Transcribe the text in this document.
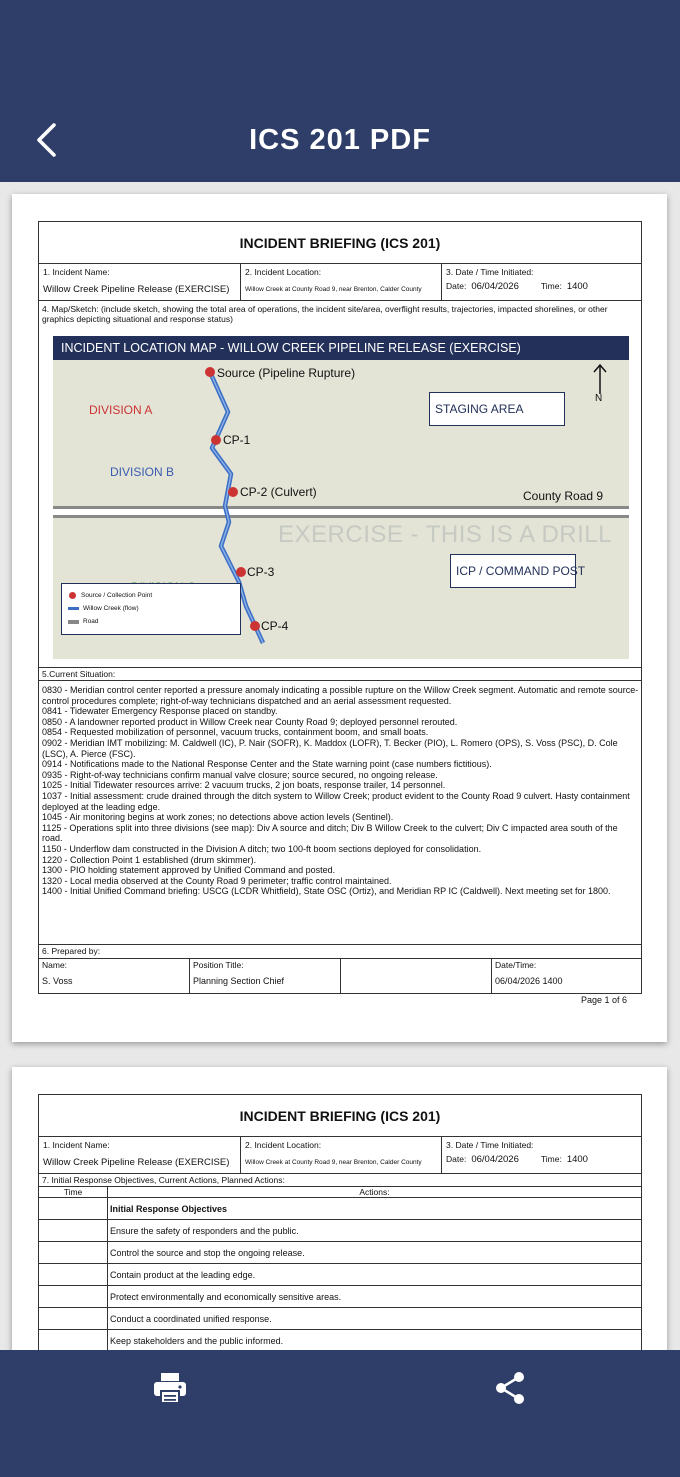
ICS 201 PDF
INCIDENT BRIEFING (ICS 201)
1. Incident Name:
Willow Creek Pipeline Release (EXERCISE)
2. Incident Location:
Willow Creek at County Road 9, near Brenton, Calder County
3. Date / Time Initiated:
Date: 06/04/2026	Time: 1400
4. Map/Sketch: (include sketch, showing the total area of operations, the incident site/area, overflight results, trajectories, impacted shorelines, or other graphics depicting situational and response status)
INCIDENT LOCATION MAP - WILLOW CREEK PIPELINE RELEASE (EXERCISE)
Source (Pipeline Rupture)
CP-1
CP-2 (Culvert)
CP-3
CP-4
DIVISION A
DIVISION B
County Road 9
N
STAGING AREA
ICP / COMMAND POST
EXERCISE - THIS IS A DRILL
Source / Collection Point
Willow Creek (flow)
Road
5.Current Situation:

0830 - Meridian control center reported a pressure anomaly indicating a possible rupture on the Willow Creek segment. Automatic and remote source-control procedures complete; right-of-way technicians dispatched and an aerial assessment requested.

0841 - Tidewater Emergency Response placed on standby.

0850 - A landowner reported product in Willow Creek near County Road 9; deployed personnel rerouted.

0854 - Requested mobilization of personnel, vacuum trucks, containment boom, and small boats.

0902 - Meridian IMT mobilizing: M. Caldwell (IC), P. Nair (SOFR), K. Maddox (LOFR), T. Becker (PIO), L. Romero (OPS), S. Voss (PSC), D. Cole (LSC), A. Pierce (FSC).

0914 - Notifications made to the National Response Center and the State warning point (case numbers fictitious).

0935 - Right-of-way technicians confirm manual valve closure; source secured, no ongoing release.

1025 - Initial Tidewater resources arrive: 2 vacuum trucks, 2 jon boats, response trailer, 14 personnel.

1037 - Initial assessment: crude drained through the ditch system to Willow Creek; product evident to the County Road 9 culvert. Hasty containment deployed at the leading edge.

1045 - Air monitoring begins at work zones; no detections above action levels (Sentinel).

1125 - Operations split into three divisions (see map): Div A source and ditch; Div B Willow Creek to the culvert; Div C impacted area south of the road.

1150 - Underflow dam constructed in the Division A ditch; two 100-ft boom sections deployed for consolidation.

1220 - Collection Point 1 established (drum skimmer).

1300 - PIO holding statement approved by Unified Command and posted.

1320 - Local media observed at the County Road 9 perimeter; traffic control maintained.

1400 - Initial Unified Command briefing: USCG (LCDR Whitfield), State OSC (Ortiz), and Meridian RP IC (Caldwell). Next meeting set for 1800.

6. Prepared by:
Name:
S. Voss
Position Title:
Planning Section Chief
Date/Time:
06/04/2026 1400
Page 1 of 6
INCIDENT BRIEFING (ICS 201)
1. Incident Name:
Willow Creek Pipeline Release (EXERCISE)
2. Incident Location:
Willow Creek at County Road 9, near Brenton, Calder County
3. Date / Time Initiated:
Date: 06/04/2026	Time: 1400
7. Initial Response Objectives, Current Actions, Planned Actions:
Time	Actions:
Initial Response Objectives
Ensure the safety of responders and the public.
Control the source and stop the ongoing release.
Contain product at the leading edge.
Protect environmentally and economically sensitive areas.
Conduct a coordinated unified response.
Keep stakeholders and the public informed.
